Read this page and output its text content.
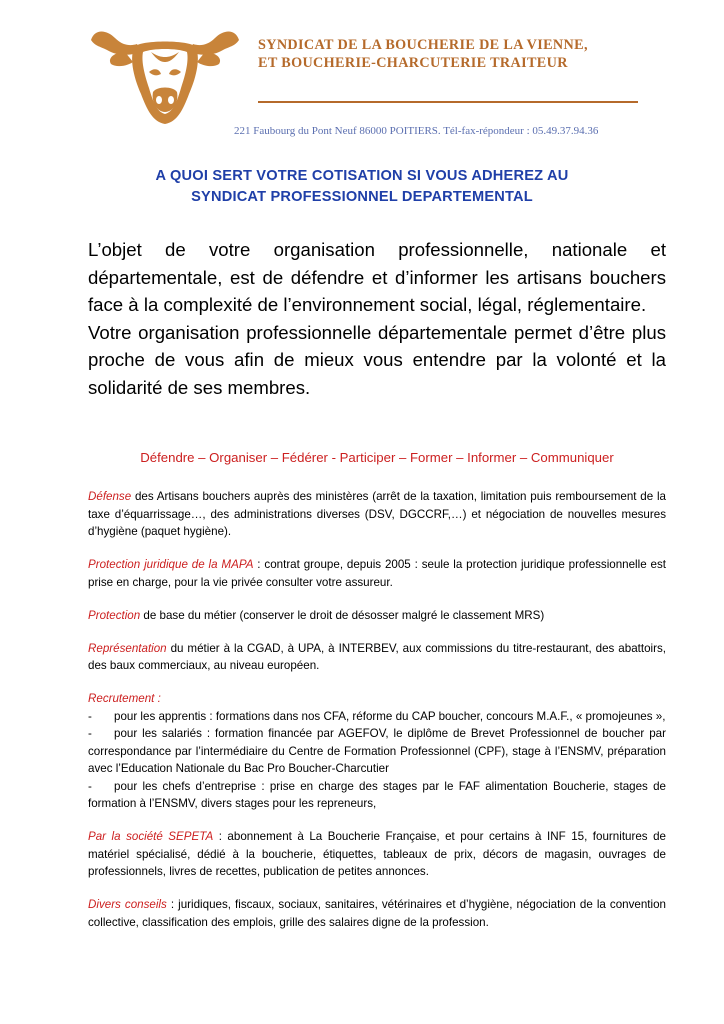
SYNDICAT DE LA BOUCHERIE DE LA VIENNE,
ET BOUCHERIE-CHARCUTERIE TRAITEUR
221 Faubourg du Pont Neuf 86000 POITIERS. Tél-fax-répondeur : 05.49.37.94.36
A QUOI SERT VOTRE COTISATION SI VOUS ADHEREZ AU
SYNDICAT PROFESSIONNEL DEPARTEMENTAL

L’objet de votre organisation professionnelle, nationale et départementale, est de défendre et d’informer les artisans bouchers face à la complexité de l’environnement social, légal, réglementaire.

Votre organisation professionnelle départementale permet d’être plus proche de vous afin de mieux vous entendre par la volonté et la solidarité de ses membres.

Défendre – Organiser – Fédérer - Participer – Former – Informer – Communiquer

Défense des Artisans bouchers auprès des ministères (arrêt de la taxation, limitation puis remboursement de la taxe d’équarrissage…, des administrations diverses (DSV, DGCCRF,…) et négociation de nouvelles mesures d’hygiène (paquet hygiène).

Protection juridique de la MAPA : contrat groupe, depuis 2005 : seule la protection juridique professionnelle est prise en charge, pour la vie privée consulter votre assureur.

Protection de base du métier (conserver le droit de désosser malgré le classement MRS)

Représentation du métier à la CGAD, à UPA, à INTERBEV, aux commissions du titre-restaurant, des abattoirs, des baux commerciaux, au niveau européen.

Recrutement :
- pour les apprentis : formations dans nos CFA, réforme du CAP boucher, concours M.A.F., « promojeunes »,
- pour les salariés : formation financée par AGEFOV, le diplôme de Brevet Professionnel de boucher par correspondance par l’intermédiaire du Centre de Formation Professionnel (CPF), stage à l’ENSMV, préparation avec l’Education Nationale du Bac Pro Boucher-Charcutier
- pour les chefs d’entreprise : prise en charge des stages par le FAF alimentation Boucherie, stages de formation à l’ENSMV, divers stages pour les repreneurs,

Par la société SEPETA : abonnement à La Boucherie Française, et pour certains à INF 15, fournitures de matériel spécialisé, dédié à la boucherie, étiquettes, tableaux de prix, décors de magasin, ouvrages de professionnels, livres de recettes, publication de petites annonces.

Divers conseils : juridiques, fiscaux, sociaux, sanitaires, vétérinaires et d’hygiène, négociation de la convention collective, classification des emplois, grille des salaires digne de la profession.
